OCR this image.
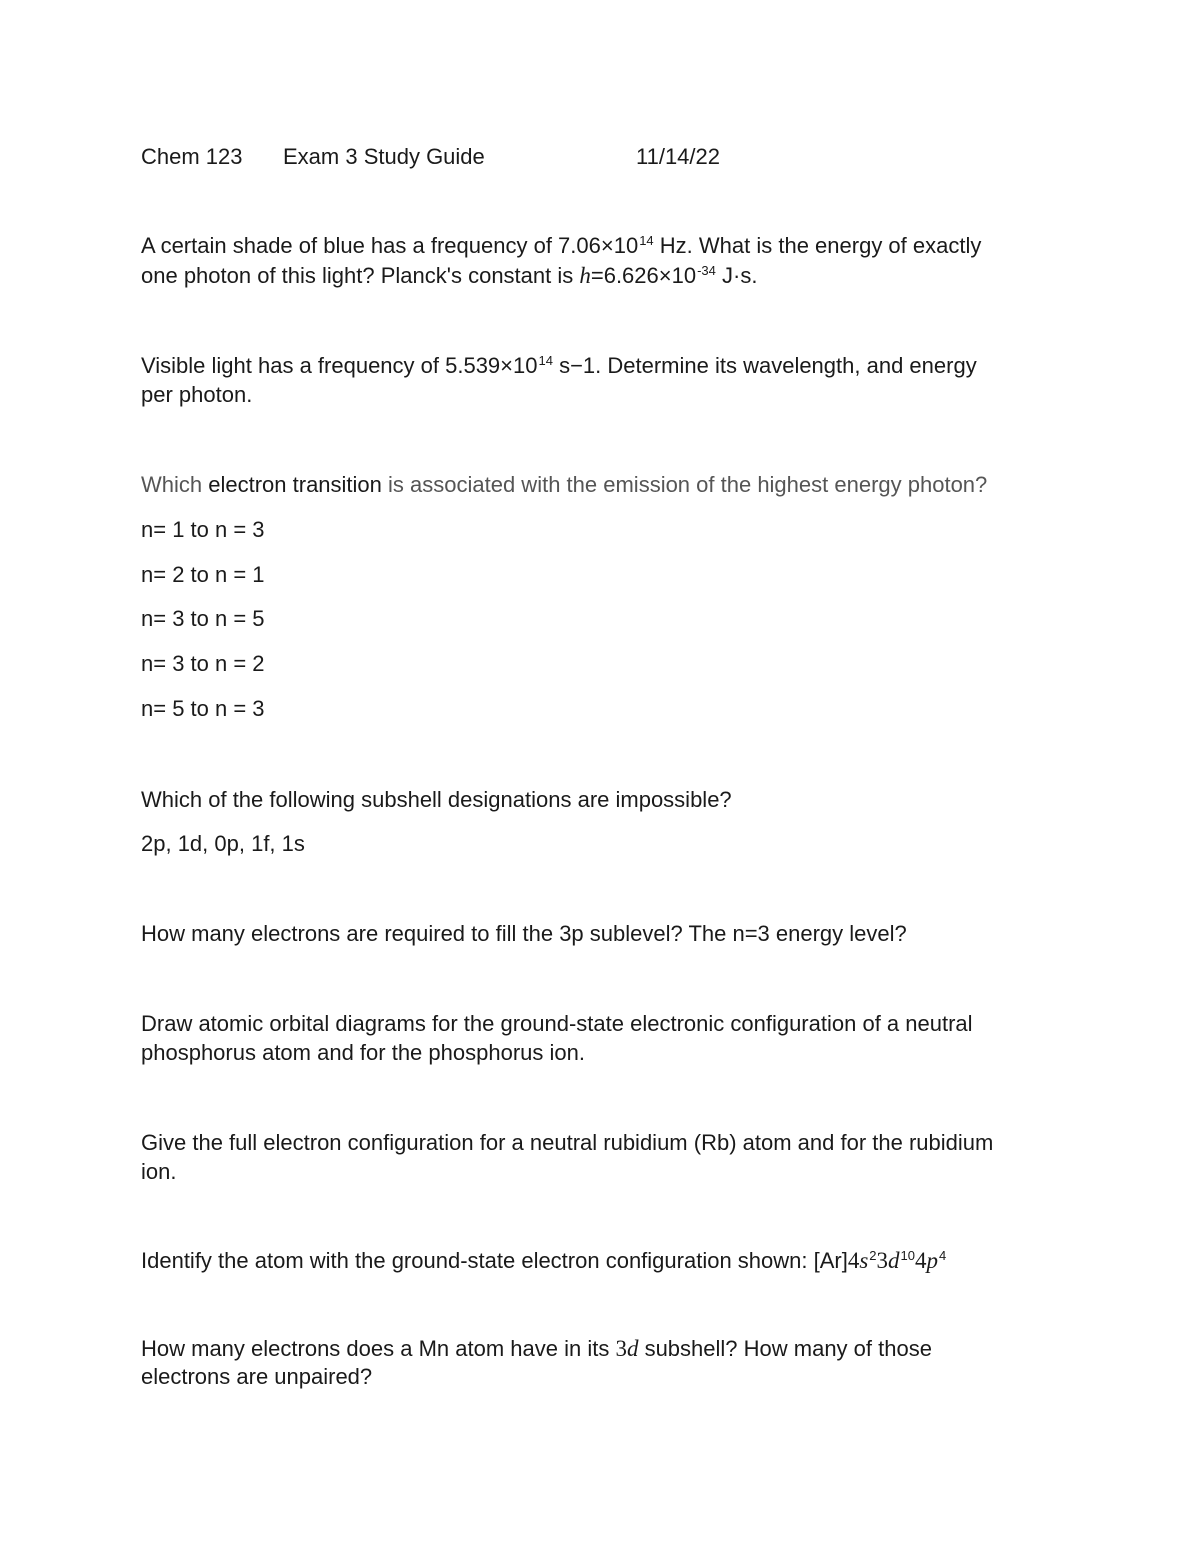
Chem 123 Exam 3 Study Guide	11/14/22
A certain shade of blue has a frequency of $7.06\times 10^{14}$ Hz. What is the energy of exactly
one photon of this light? Planck's constant is $h=6.626\times 10^{-34}$ J·s.
Visible light has a frequency of $5.539\times 10^{14}$ s−1. Determine its wavelength, and energy
per photon.
Which electron transition is associated with the emission of the highest energy photon?
n= 1 to n = 3
n= 2 to n = 1
n= 3 to n = 5
n= 3 to n = 2
n= 5 to n = 3
Which of the following subshell designations are impossible?
2p, 1d, 0p, 1f, 1s
How many electrons are required to fill the 3p sublevel? The n=3 energy level?
Draw atomic orbital diagrams for the ground-state electronic configuration of a neutral
phosphorus atom and for the phosphorus ion.
Give the full electron configuration for a neutral rubidium (Rb) atom and for the rubidium
ion.
Identify the atom with the ground-state electron configuration shown: $[Ar]4s^23d^{10}4p^4$
How many electrons does a Mn atom have in its 3d subshell? How many of those
electrons are unpaired?
